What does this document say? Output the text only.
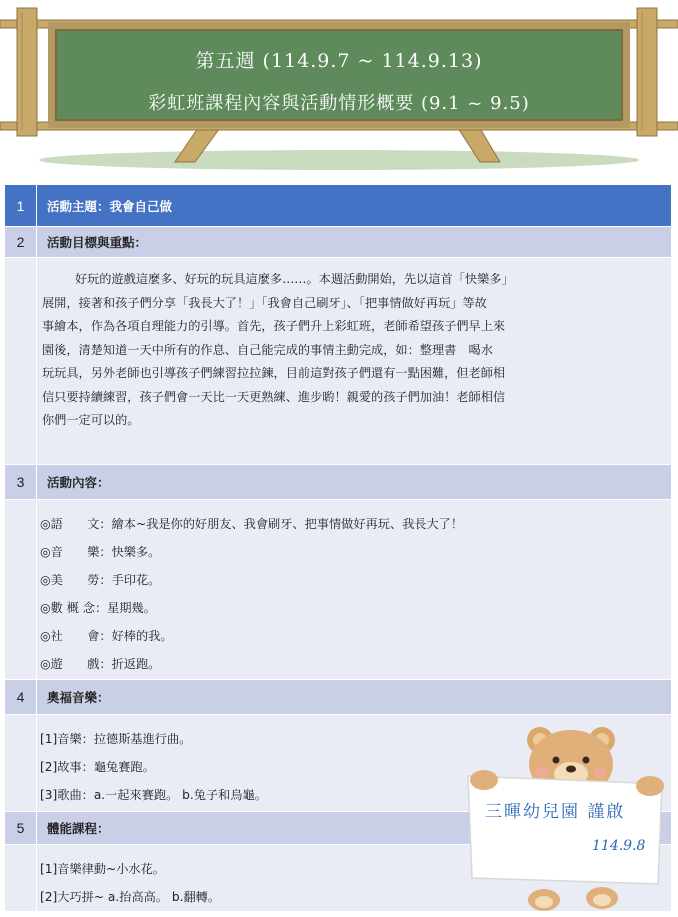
第五週 (114.9.7 ~ 114.9.13)
彩虹班課程內容與活動情形概要 (9.1 ~ 9.5)
1	活動主題：我會自己做
2	活動目標與重點：
好玩的遊戲這麼多、好玩的玩具這麼多……。本週活動開始，先以這首「快樂多」
展開，接著和孩子們分享「我長大了！」「我會自己刷牙」、「把事情做好再玩」等故
事繪本，作為各項自理能力的引導。首先，孩子們升上彩虹班，老師希望孩子們早上來
園後，清楚知道一天中所有的作息、自己能完成的事情主動完成，如：整理書　喝水
玩玩具，另外老師也引導孩子們練習拉拉鍊，目前這對孩子們還有一點困難，但老師相
信只要持續練習，孩子們會一天比一天更熟練、進步喲！親愛的孩子們加油！老師相信
你們一定可以的。
3	活動內容：
◎語　　文：繪本~我是你的好朋友、我會刷牙、把事情做好再玩、我長大了！
◎音　　樂：快樂多。
◎美　　勞：手印花。
◎數 概 念：星期幾。
◎社　　會：好棒的我。
◎遊　　戲：折返跑。
4	奧福音樂：
[1]音樂：拉德斯基進行曲。
[2]故事：龜兔賽跑。
[3]歌曲：a.一起來賽跑。 b.兔子和烏龜。
5	體能課程：
[1]音樂律動~小水花。
[2]大巧拼~ a.抬高高。 b.翻轉。
三暉幼兒園 謹啟
114.9.8
